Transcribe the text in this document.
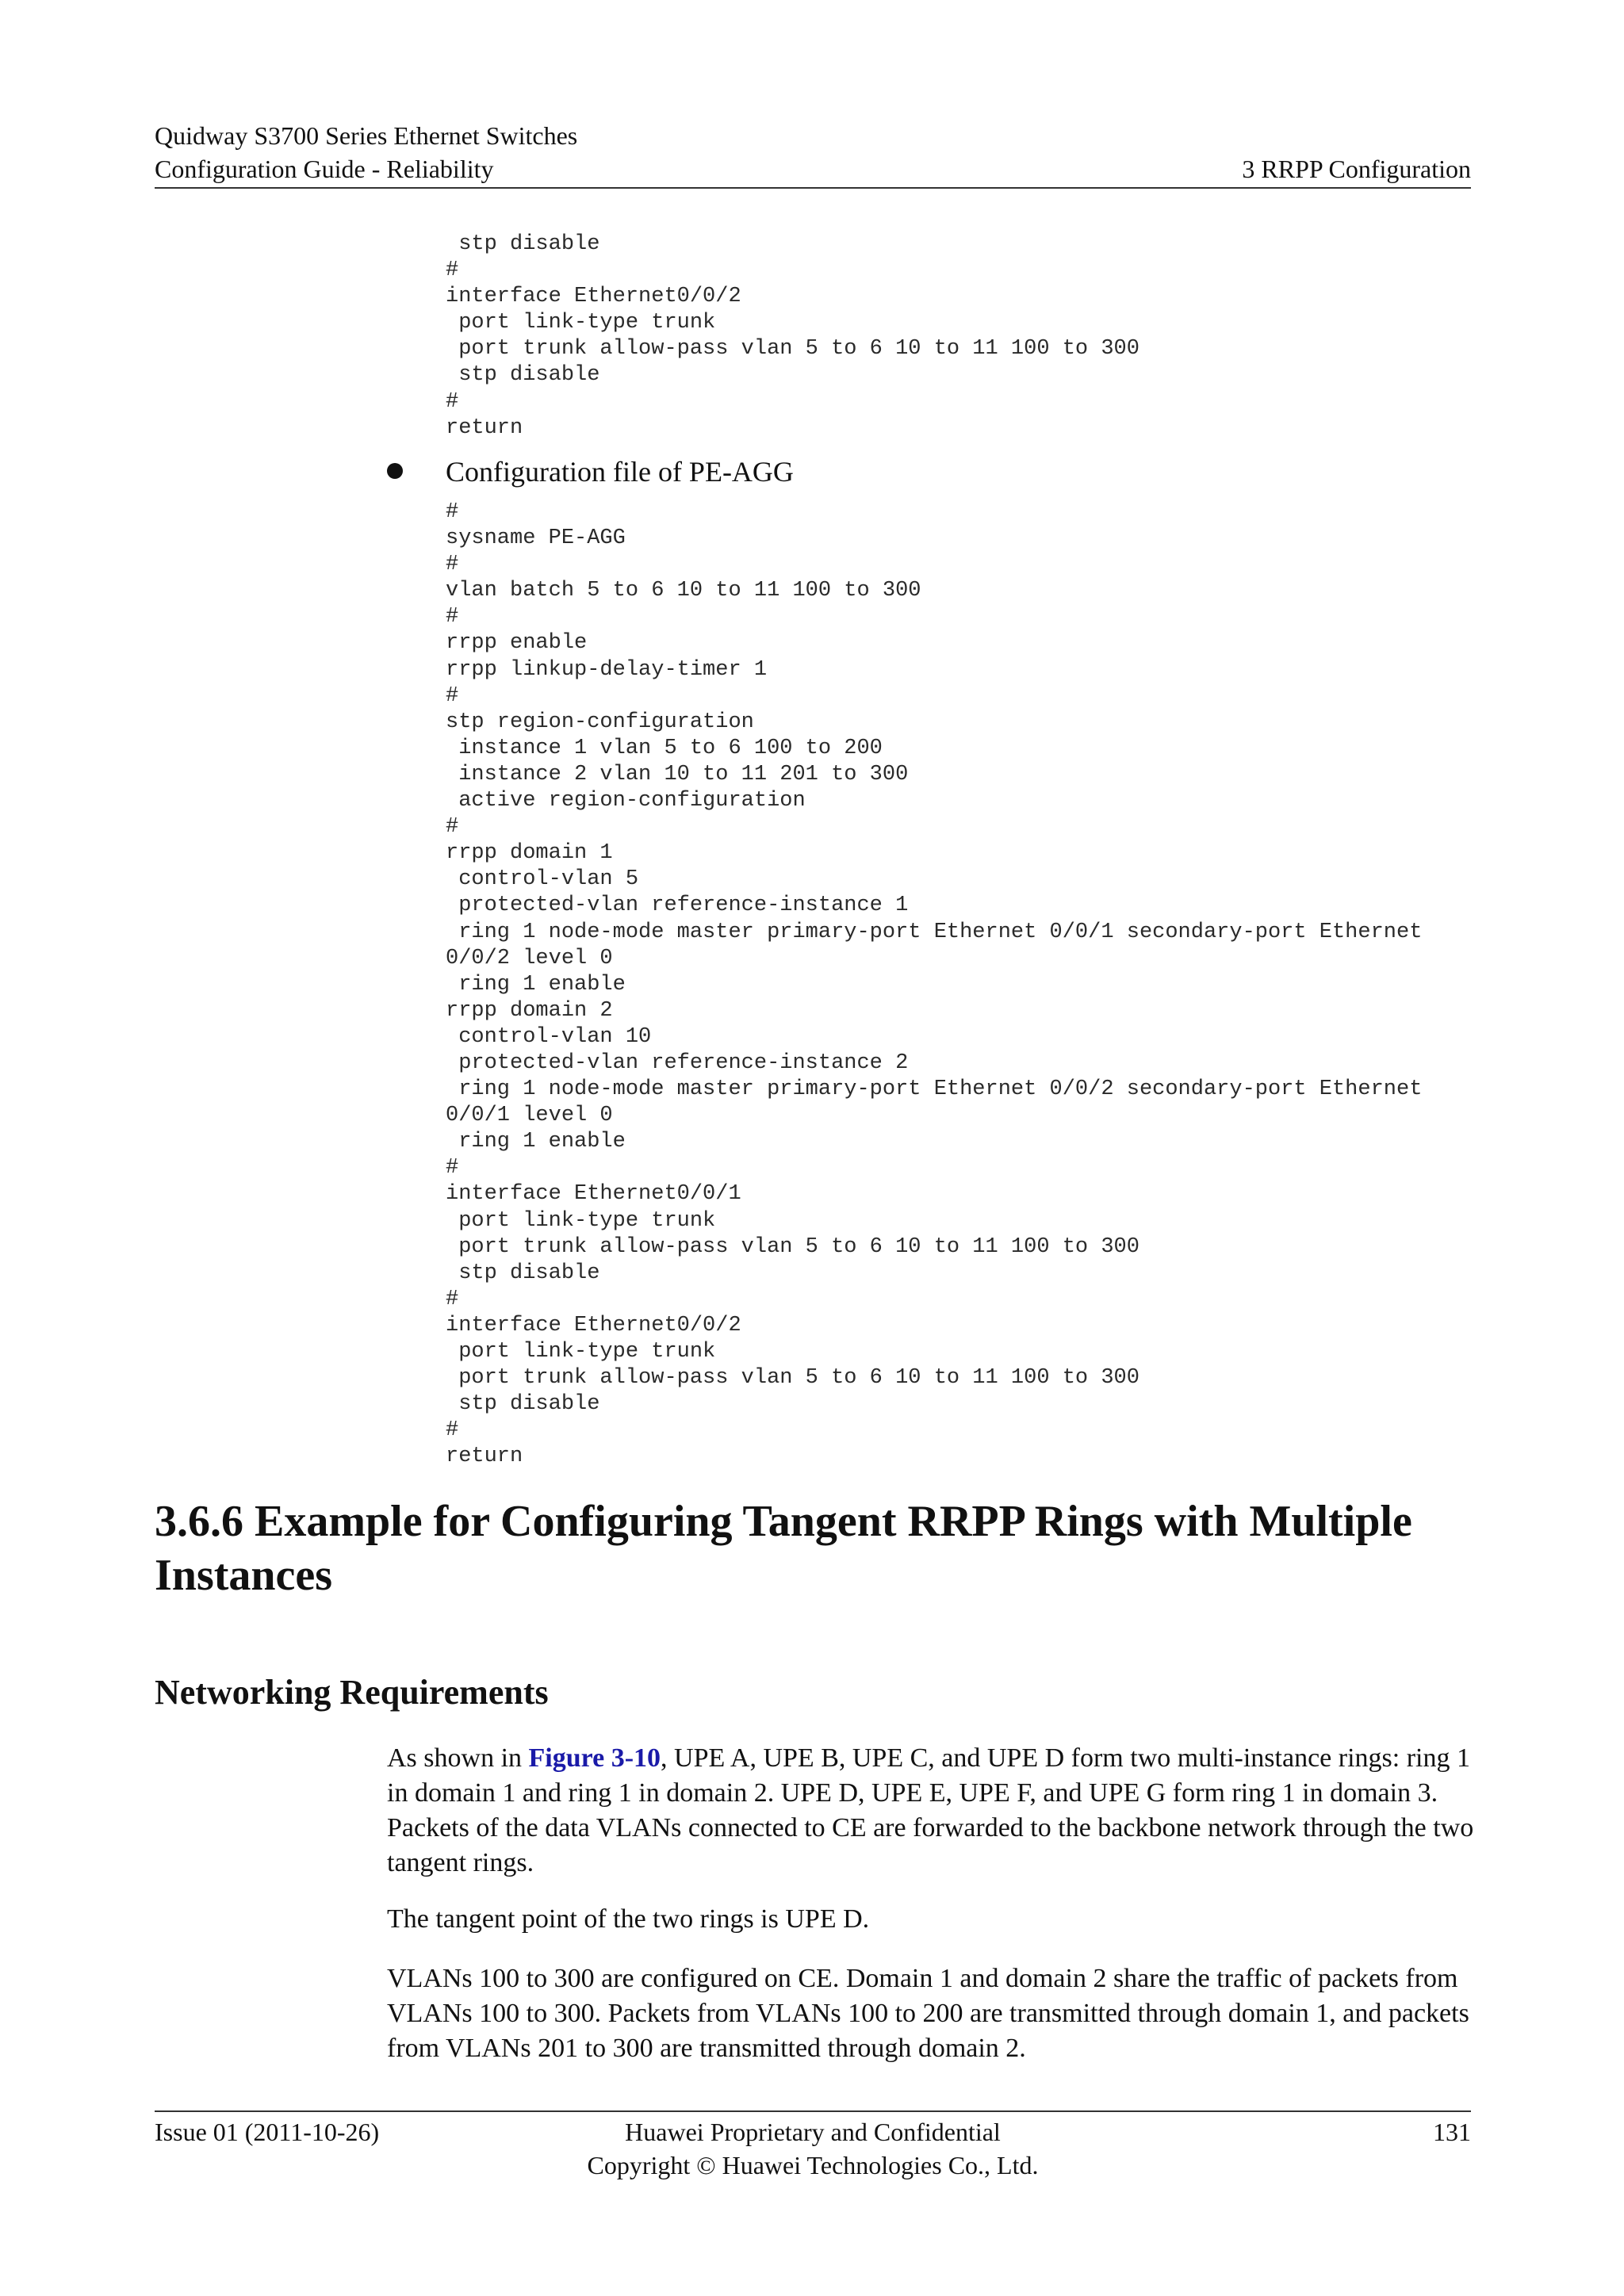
Quidway S3700 Series Ethernet Switches
Configuration Guide - Reliability	3 RRPP Configuration
stp disable
#
interface Ethernet0/0/2
port link-type trunk
port trunk allow-pass vlan 5 to 6 10 to 11 100 to 300
stp disable
#
return
Configuration file of PE-AGG
#
sysname PE-AGG
#
vlan batch 5 to 6 10 to 11 100 to 300
#
rrpp enable
rrpp linkup-delay-timer 1
#
stp region-configuration
instance 1 vlan 5 to 6 100 to 200
instance 2 vlan 10 to 11 201 to 300
active region-configuration
#
rrpp domain 1
control-vlan 5
protected-vlan reference-instance 1
ring 1 node-mode master primary-port Ethernet 0/0/1 secondary-port Ethernet
0/0/2 level 0
ring 1 enable
rrpp domain 2
control-vlan 10
protected-vlan reference-instance 2
ring 1 node-mode master primary-port Ethernet 0/0/2 secondary-port Ethernet
0/0/1 level 0
ring 1 enable
#
interface Ethernet0/0/1
port link-type trunk
port trunk allow-pass vlan 5 to 6 10 to 11 100 to 300
stp disable
#
interface Ethernet0/0/2
port link-type trunk
port trunk allow-pass vlan 5 to 6 10 to 11 100 to 300
stp disable
#
return
3.6.6 Example for Configuring Tangent RRPP Rings with Multiple Instances
Networking Requirements

As shown in Figure 3-10, UPE A, UPE B, UPE C, and UPE D form two multi-instance rings: ring 1 in domain 1 and ring 1 in domain 2. UPE D, UPE E, UPE F, and UPE G form ring 1 in domain 3. Packets of the data VLANs connected to CE are forwarded to the backbone network through the two tangent rings.

The tangent point of the two rings is UPE D.

VLANs 100 to 300 are configured on CE. Domain 1 and domain 2 share the traffic of packets from VLANs 100 to 300. Packets from VLANs 100 to 200 are transmitted through domain 1, and packets from VLANs 201 to 300 are transmitted through domain 2.

Issue 01 (2011-10-26)	Huawei Proprietary and Confidential
Copyright © Huawei Technologies Co., Ltd.
131
